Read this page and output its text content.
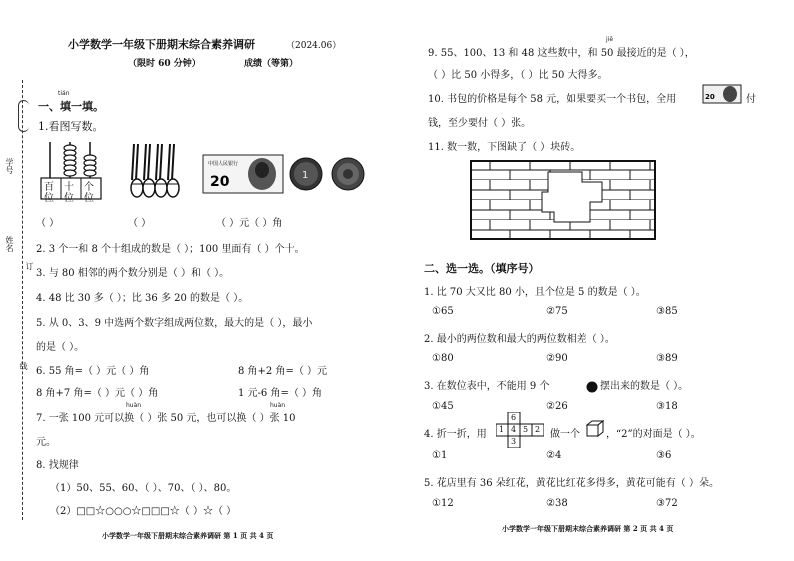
学号
姓名
订
线
小学数学一年级下册期末综合素养调研	（2024.06）
（限时 60 分钟）	成绩（等第）
tián
一、填一填。
1.看图写数。
百 十 个
位 位 位
中国人民银行
20	1
（ ）	（ ）	（ ）元（ ）角
2. 3 个一和 8 个十组成的数是（ ）；100 里面有（ ）个十。
3. 与 80 相邻的两个数分别是（ ）和（ ）。
4. 48 比 30 多（ ）；比 36 多 20 的数是（ ）。
5. 从 0、3、9 中选两个数字组成两位数，最大的是（ ），最小
的是（ ）。
6. 55 角=（ ）元（ ）角	8 角+2 角=（ ）元
8 角+7 角=（ ）元（ ）角	1 元-6 角=（ ）角
huàn	huàn
7. 一张 100 元可以换（ ）张 50 元，也可以换（ ）张 10
元。
8. 找规律
（1）50、55、60、（ ）、70、（ ）、80。
（2）□□☆○○○☆□□□☆（ ）☆（ ）
小学数学一年级下册期末综合素养调研 第 1 页 共 4 页
jiē
9. 55、100、13 和 48 这些数中，和 50 最接近的是（ ），
（ ）比 50 小得多，（ ）比 50 大得多。
10. 书包的价格是每个 58 元，如果要买一个书包，全用	20	付
钱，至少要付（ ）张。
11. 数一数，下图缺了（ ）块砖。
二、选一选。（填序号）
1. 比 70 大又比 80 小，且个位是 5 的数是（ ）。
①65	②75	③85
2. 最小的两位数和最大的两位数相差（ ）。
①80	②90	③89
3. 在数位表中，不能用 9 个	摆出来的数是（ ）。
①45	②26	③18
4. 折一折，用
6
1 4 5 2
3
做一个	，“2”的对面是（ ）。
①1	②4	③6
5. 花店里有 36 朵红花，黄花比红花多得多，黄花可能有（ ）朵。
①12	②38	③72
小学数学一年级下册期末综合素养调研 第 2 页 共 4 页
